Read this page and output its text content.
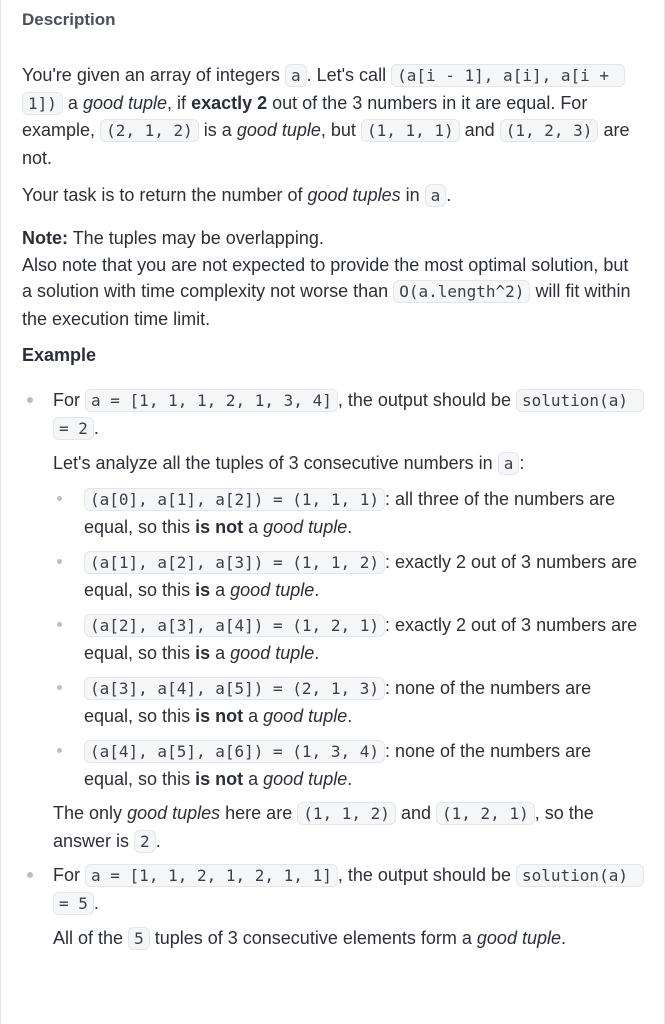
Description

You're given an array of integers a . Let's call (a[i - 1], a[i], a[i + 1]) a good tuple, if exactly 2 out of the 3 numbers in it are equal. For example, (2, 1, 2) is a good tuple, but (1, 1, 1) and (1, 2, 3) are not.

Your task is to return the number of good tuples in a .

Note: The tuples may be overlapping.
Also note that you are not expected to provide the most optimal solution, but a solution with time complexity not worse than O(a.length^2) will fit within the execution time limit.

Example

For a = [1, 1, 1, 2, 1, 3, 4] , the output should be solution(a) = 2 .

Let's analyze all the tuples of 3 consecutive numbers in a :

(a[0], a[1], a[2]) = (1, 1, 1) : all three of the numbers are equal, so this is not a good tuple.

(a[1], a[2], a[3]) = (1, 1, 2) : exactly 2 out of 3 numbers are equal, so this is a good tuple.

(a[2], a[3], a[4]) = (1, 2, 1) : exactly 2 out of 3 numbers are equal, so this is a good tuple.

(a[3], a[4], a[5]) = (2, 1, 3) : none of the numbers are equal, so this is not a good tuple.

(a[4], a[5], a[6]) = (1, 3, 4) : none of the numbers are equal, so this is not a good tuple.

The only good tuples here are (1, 1, 2) and (1, 2, 1) , so the answer is 2 .

For a = [1, 1, 2, 1, 2, 1, 1] , the output should be solution(a) = 5 .

All of the 5 tuples of 3 consecutive elements form a good tuple.
